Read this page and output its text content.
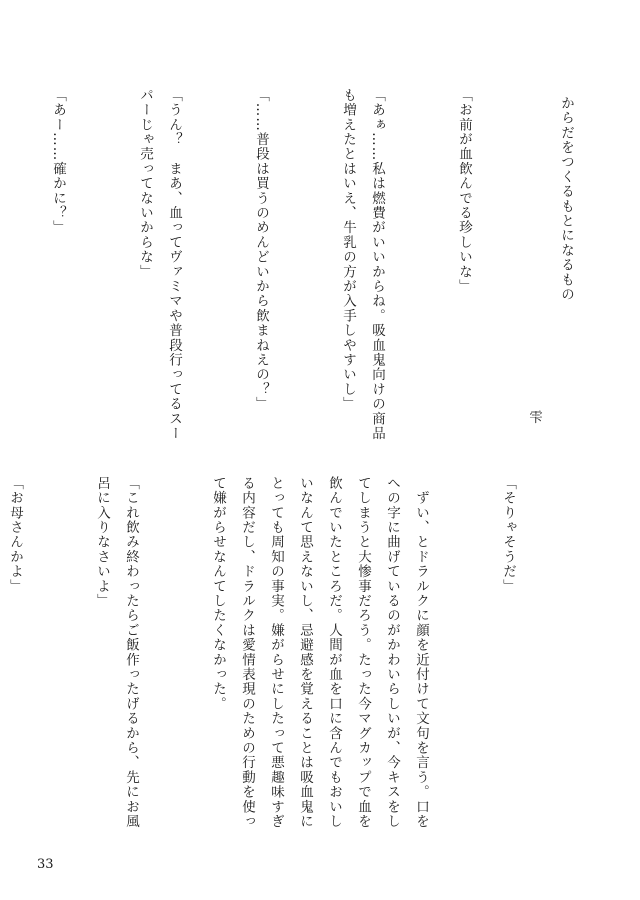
からだをつくるもとになるもの

雫

「お前が血飲んでる珍しいな」

「あぁ……私は燃費がいいからね。吸血鬼向けの商品も増えたとはいえ、牛乳の方が入手しやすいし」

「……普段は買うのめんどいから飲まねえの？」

「うん？　まあ、血ってヴァミマや普段行ってるスーパーじゃ売ってないからな」

「あー……確かに？」

「そりゃそうだ」

　ずい、とドラルクに顔を近付けて文句を言う。口をへの字に曲げているのがかわいらしいが、今キスをしてしまうと大惨事だろう。たった今マグカップで血を飲んでいたところだ。人間が血を口に含んでもおいしいなんて思えないし、忌避感を覚えることは吸血鬼にとっても周知の事実。嫌がらせにしたって悪趣味すぎる内容だし、ドラルクは愛情表現のための行動を使って嫌がらせなんてしたくなかった。

「これ飲み終わったらご飯作ったげるから、先にお風呂に入りなさいよ」

「お母さんかよ」

33
